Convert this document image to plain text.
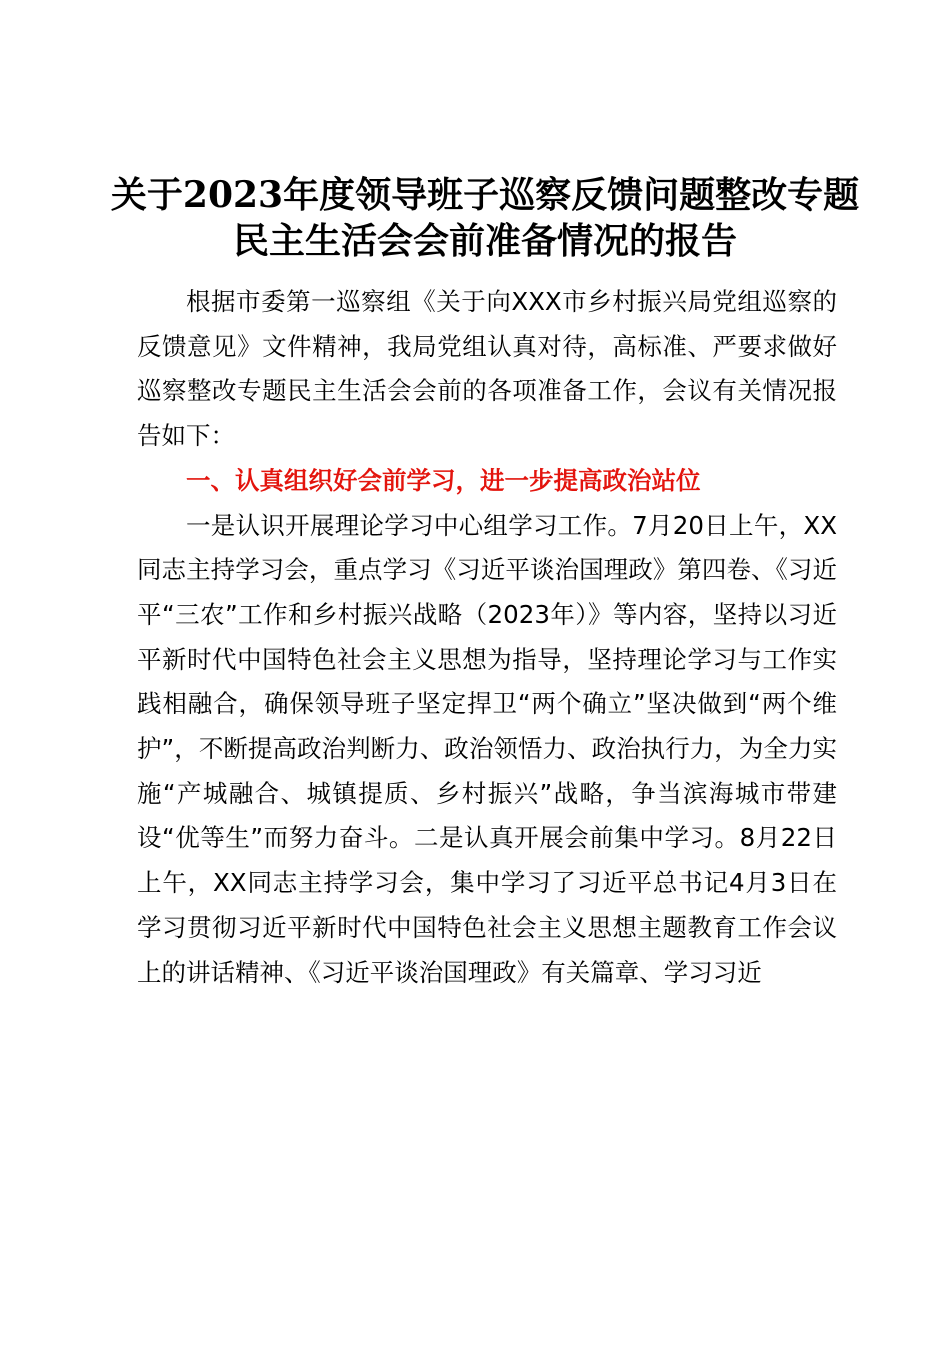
关于2023年度领导班子巡察反馈问题整改专题
民主生活会会前准备情况的报告

根据市委第一巡察组《关于向XXX市乡村振兴局党组巡察的反馈意见》文件精神，我局党组认真对待，高标准、严要求做好巡察整改专题民主生活会会前的各项准备工作，会议有关情况报告如下：

一、认真组织好会前学习，进一步提高政治站位

一是认识开展理论学习中心组学习工作。7月20日上午，XX同志主持学习会，重点学习《习近平谈治国理政》第四卷、《习近平“三农”工作和乡村振兴战略（2023年）》等内容，坚持以习近平新时代中国特色社会主义思想为指导，坚持理论学习与工作实践相融合，确保领导班子坚定捍卫“两个确立”坚决做到“两个维护”，不断提高政治判断力、政治领悟力、政治执行力，为全力实施“产城融合、城镇提质、乡村振兴”战略，争当滨海城市带建设“优等生”而努力奋斗。二是认真开展会前集中学习。8月22日上午，XX同志主持学习会，集中学习了习近平总书记4月3日在学习贯彻习近平新时代中国特色社会主义思想主题教育工作会议上的讲话精神、《习近平谈治国理政》有关篇章、学习习近
